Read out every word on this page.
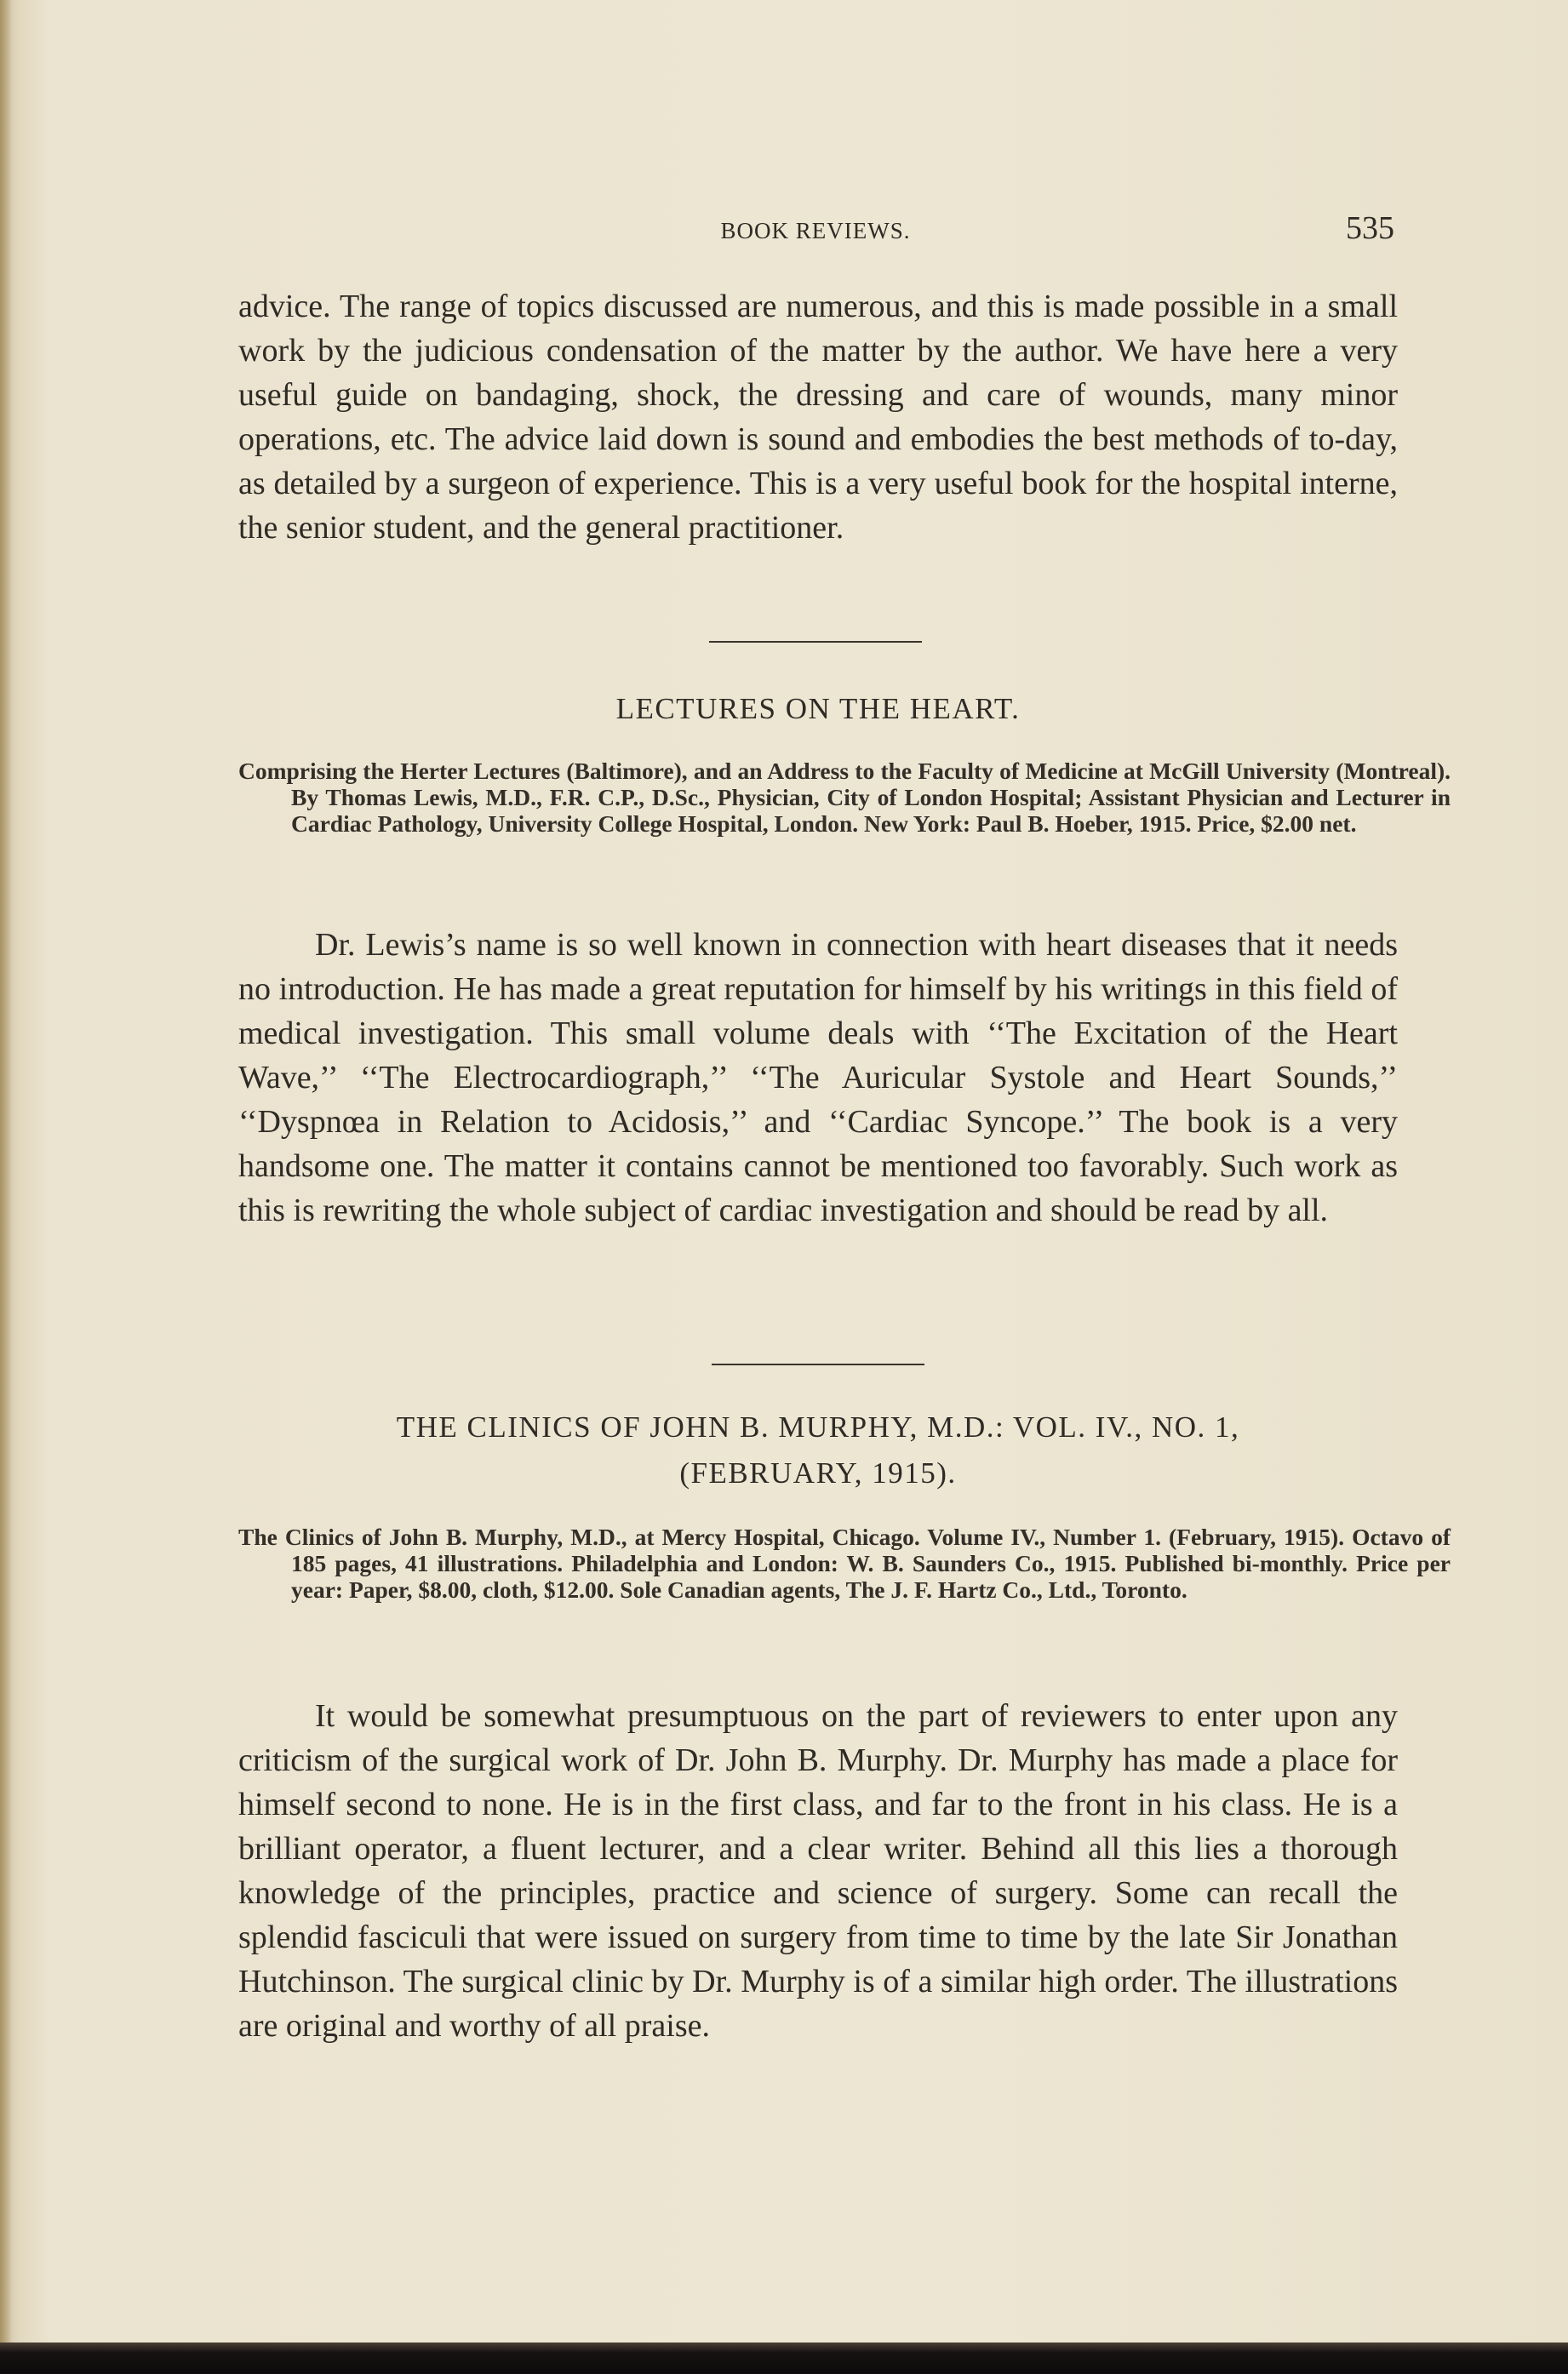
BOOK REVIEWS.	535

advice. The range of topics discussed are numerous, and this is made possible in a small work by the judicious condensation of the matter by the author. We have here a very useful guide on bandaging, shock, the dressing and care of wounds, many minor operations, etc. The advice laid down is sound and embodies the best methods of to-day, as detailed by a surgeon of experience. This is a very useful book for the hospital interne, the senior student, and the general practitioner.

LECTURES ON THE HEART.

Comprising the Herter Lectures (Baltimore), and an Address to the Faculty of Medicine at McGill University (Montreal). By Thomas Lewis, M.D., F.R. C.P., D.Sc., Physician, City of London Hospital; Assistant Physician and Lecturer in Cardiac Pathology, University College Hospital, London. New York: Paul B. Hoeber, 1915. Price, $2.00 net.

Dr. Lewis’s name is so well known in connection with heart diseases that it needs no introduction. He has made a great reputation for himself by his writings in this field of medical investigation. This small volume deals with ‘‘The Excitation of the Heart Wave,’’ ‘‘The Electrocardiograph,’’ ‘‘The Auricular Systole and Heart Sounds,’’ ‘‘Dyspnœa in Relation to Acidosis,’’ and ‘‘Cardiac Syncope.’’ The book is a very handsome one. The matter it contains cannot be mentioned too favorably. Such work as this is rewriting the whole subject of cardiac investigation and should be read by all.

THE CLINICS OF JOHN B. MURPHY, M.D.: VOL. IV., NO. 1,
(FEBRUARY, 1915).

The Clinics of John B. Murphy, M.D., at Mercy Hospital, Chicago. Volume IV., Number 1. (February, 1915). Octavo of 185 pages, 41 illustrations. Philadelphia and London: W. B. Saunders Co., 1915. Published bi-monthly. Price per year: Paper, $8.00, cloth, $12.00. Sole Canadian agents, The J. F. Hartz Co., Ltd., Toronto.

It would be somewhat presumptuous on the part of reviewers to enter upon any criticism of the surgical work of Dr. John B. Murphy. Dr. Murphy has made a place for himself second to none. He is in the first class, and far to the front in his class. He is a brilliant operator, a fluent lecturer, and a clear writer. Behind all this lies a thorough knowledge of the principles, practice and science of surgery. Some can recall the splendid fasciculi that were issued on surgery from time to time by the late Sir Jonathan Hutchinson. The surgical clinic by Dr. Murphy is of a similar high order. The illustrations are original and worthy of all praise.
